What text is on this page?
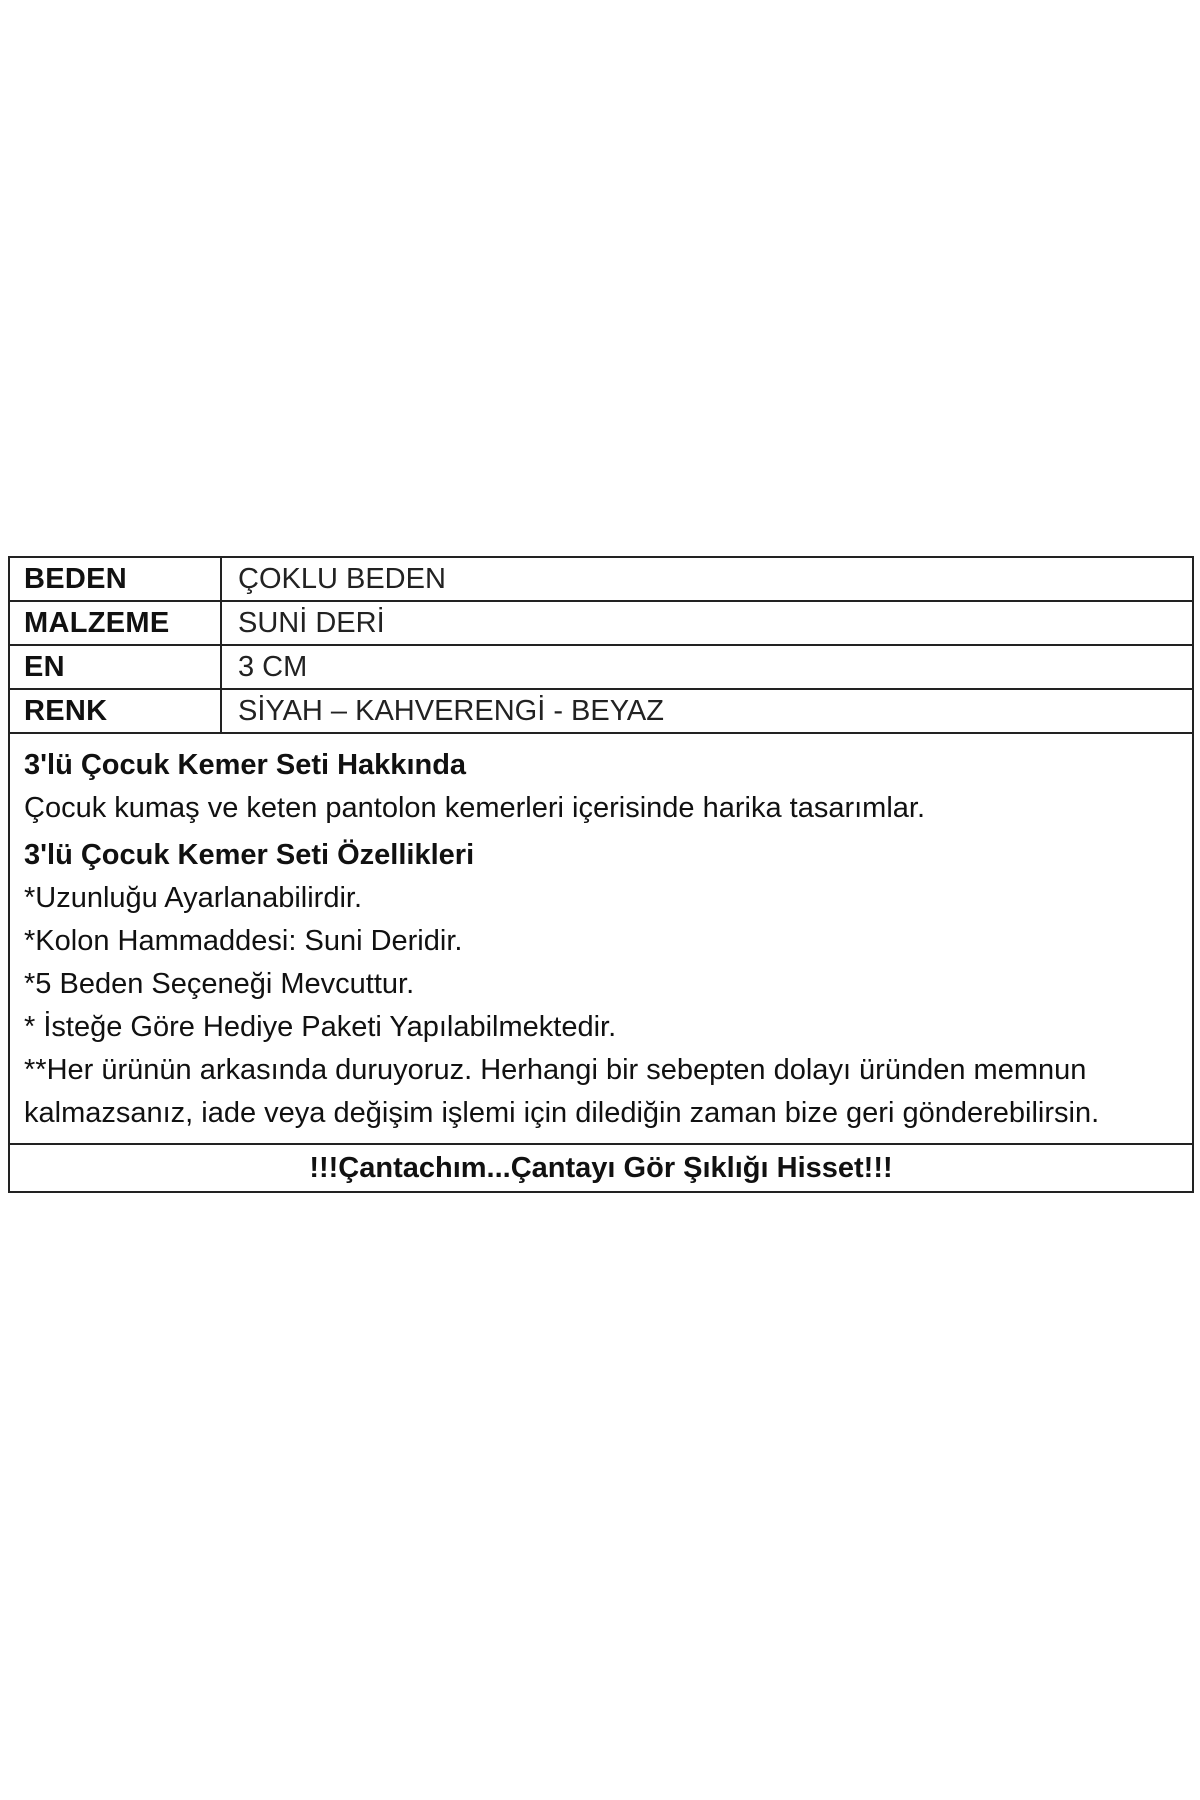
BEDEN	ÇOKLU BEDEN
MALZEME	SUNİ DERİ
EN	3 CM
RENK	SİYAH – KAHVERENGİ - BEYAZ

3'lü Çocuk Kemer Seti Hakkında

Çocuk kumaş ve keten pantolon kemerleri içerisinde harika tasarımlar.

3'lü Çocuk Kemer Seti Özellikleri

*Uzunluğu Ayarlanabilirdir.

*Kolon Hammaddesi: Suni Deridir.

*5 Beden Seçeneği Mevcuttur.

* İsteğe Göre Hediye Paketi Yapılabilmektedir.

**Her ürünün arkasında duruyoruz. Herhangi bir sebepten dolayı üründen memnun kalmazsanız, iade veya değişim işlemi için dilediğin zaman bize geri gönderebilirsin.

!!!Çantachım...Çantayı Gör Şıklığı Hisset!!!
